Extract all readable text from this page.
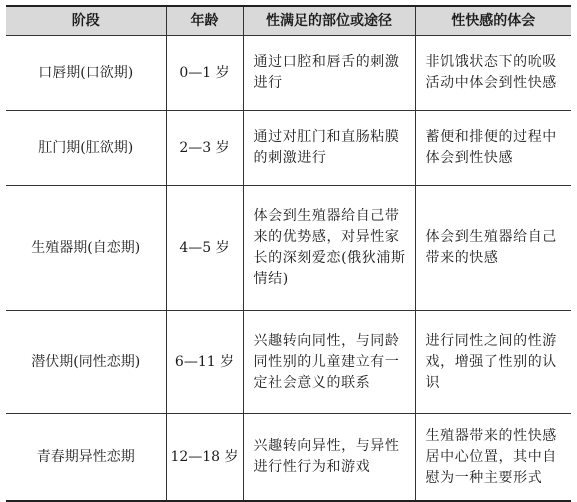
阶段	年龄	性满足的部位或途径	性快感的体会
口唇期(口欲期)	0—1 岁	通过口腔和唇舌的刺激进行	非饥饿状态下的吮吸活动中体会到性快感
肛门期(肛欲期)	2—3 岁	通过对肛门和直肠粘膜的刺激进行	蓄便和排便的过程中体会到性快感
生殖器期(自恋期)	4—5 岁	体会到生殖器给自己带来的优势感，对异性家长的深刻爱恋(俄狄浦斯情结)	体会到生殖器给自己带来的快感
潜伏期(同性恋期)	6—11 岁	兴趣转向同性，与同龄同性别的儿童建立有一定社会意义的联系	进行同性之间的性游戏，增强了性别的认识
青春期异性恋期	12—18 岁	兴趣转向异性，与异性进行性行为和游戏	生殖器带来的性快感居中心位置，其中自慰为一种主要形式
